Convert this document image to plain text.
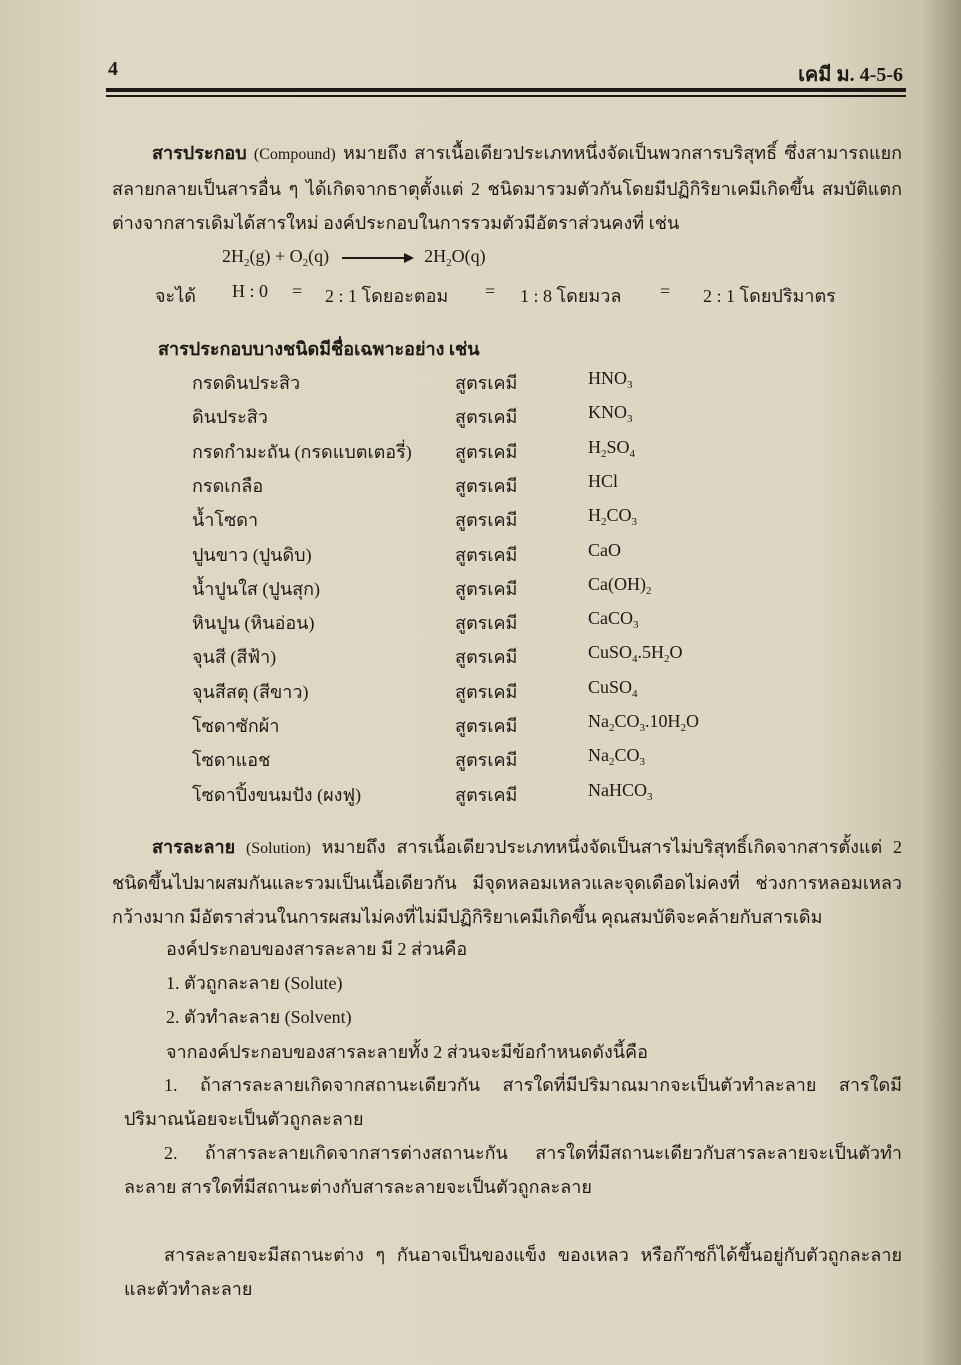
4	เคมี ม. 4-5-6
สารประกอบ (Compound) หมายถึง สารเนื้อเดียวประเภทหนึ่งจัดเป็นพวกสารบริสุทธิ์ ซึ่งสามารถแยกสลายกลายเป็นสารอื่น ๆ ได้เกิดจากธาตุตั้งแต่ 2 ชนิดมารวมตัวกันโดยมีปฏิกิริยาเคมีเกิดขึ้น สมบัติแตกต่างจากสารเดิมได้สารใหม่ องค์ประกอบในการรวมตัวมีอัตราส่วนคงที่ เช่น
$2H_2(g) + O_2(q) \to 2H_2O(q)$
จะได้ H : 0 = 2 : 1 โดยอะตอม = 1 : 8 โดยมวล = 2 : 1 โดยปริมาตร
สารประกอบบางชนิดมีชื่อเฉพาะอย่าง เช่น
กรดดินประสิว	สูตรเคมี	$HNO_3$
ดินประสิว	สูตรเคมี	$KNO_3$
กรดกำมะถัน (กรดแบตเตอรี่) สูตรเคมี	$H_2SO_4$
กรดเกลือ	สูตรเคมี	HCl
น้ำโซดา	สูตรเคมี	$H_2CO_3$
ปูนขาว (ปูนดิบ)	สูตรเคมี	CaO
น้ำปูนใส (ปูนสุก)	สูตรเคมี	$Ca(OH)_2$
หินปูน (หินอ่อน)	สูตรเคมี	CaCO$_3$
จุนสี (สีฟ้า)	สูตรเคมี	$CuSO_4.5H_2O$
จุนสีสตุ (สีขาว)	สูตรเคมี	CuSO$_4$
โซดาซักผ้า	สูตรเคมี	$Na_2CO_3.10H_2O$
โซดาแอช	สูตรเคมี	$Na_2CO_3$
โซดาปิ้งขนมปัง (ผงฟู)	สูตรเคมี	NaHCO$_3$
สารละลาย (Solution) หมายถึง สารเนื้อเดียวประเภทหนึ่งจัดเป็นสารไม่บริสุทธิ์เกิดจากสารตั้งแต่ 2 ชนิดขึ้นไปมาผสมกันและรวมเป็นเนื้อเดียวกัน มีจุดหลอมเหลวและจุดเดือดไม่คงที่ ช่วงการหลอมเหลวกว้างมาก มีอัตราส่วนในการผสมไม่คงที่ไม่มีปฏิกิริยาเคมีเกิดขึ้น คุณสมบัติจะคล้ายกับสารเดิม
องค์ประกอบของสารละลาย มี 2 ส่วนคือ
1. ตัวถูกละลาย (Solute)
2. ตัวทำละลาย (Solvent)
จากองค์ประกอบของสารละลายทั้ง 2 ส่วนจะมีข้อกำหนดดังนี้คือ
1. ถ้าสารละลายเกิดจากสถานะเดียวกัน สารใดที่มีปริมาณมากจะเป็นตัวทำละลาย สารใดมีปริมาณน้อยจะเป็นตัวถูกละลาย
2. ถ้าสารละลายเกิดจากสารต่างสถานะกัน สารใดที่มีสถานะเดียวกับสารละลายจะเป็นตัวทำละลาย สารใดที่มีสถานะต่างกับสารละลายจะเป็นตัวถูกละลาย
สารละลายจะมีสถานะต่าง ๆ กันอาจเป็นของแข็ง ของเหลว หรือก๊าซก็ได้ขึ้นอยู่กับตัวถูกละลายและตัวทำละลาย
